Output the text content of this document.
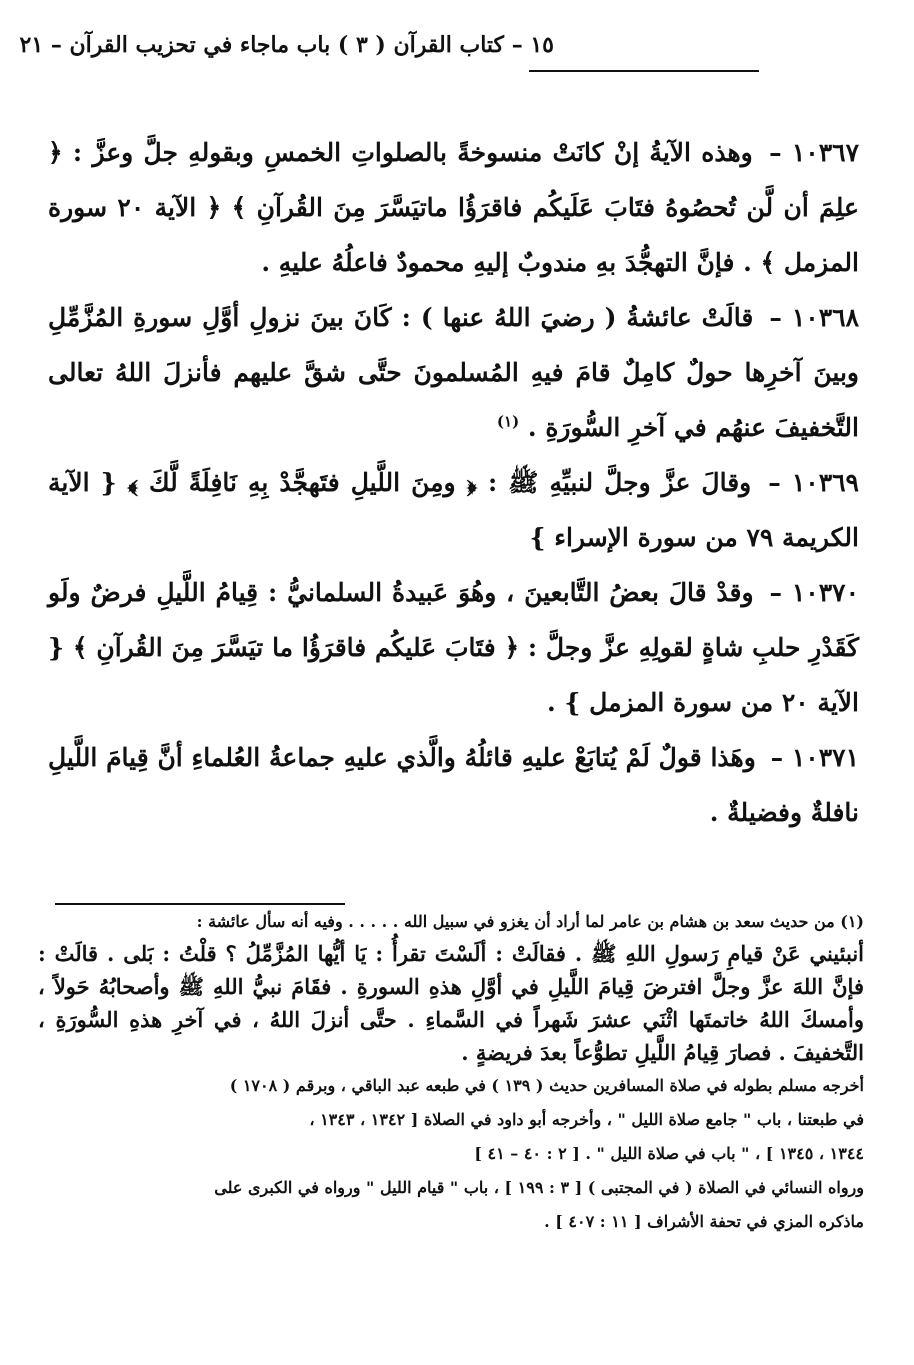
١٥ – كتاب القرآن ( ٣ ) باب ماجاء في تحزيب القرآن – ٢١

١٠٣٦٧ – وهذه الآيةُ إنْ كانَتْ منسوخةً بالصلواتِ الخمسِ وبقولهِ جلَّ وعزَّ : ﴿ علِمَ أن لَّن تُحصُوهُ فتَابَ عَلَيكُم فاقرَؤُا ماتيَسَّرَ مِنَ القُرآنِ ﴾ ﴿ الآية ٢٠ سورة المزمل ﴾ . فإنَّ التهجُّدَ بهِ مندوبٌ إليهِ محمودٌ فاعلُهُ عليهِ .

١٠٣٦٨ – قالَتْ عائشةُ ( رضيَ اللهُ عنها ) : كَانَ بينَ نزولِ أوَّلِ سورةِ المُزَّمِّلِ وبينَ آخرِها حولٌ كامِلٌ قامَ فيهِ المُسلمونَ حتَّى شقَّ عليهم فأنزلَ اللهُ تعالى التَّخفيفَ عنهُم في آخرِ السُّورَةِ . $^{(١)}$

١٠٣٦٩ – وقالَ عزَّ وجلَّ لنبيِّهِ ﷺ : ﴿ ومِنَ اللَّيلِ فتَهجَّدْ بِهِ نَافِلَةً لَّكَ ﴾ { الآية الكريمة ٧٩ من سورة الإسراء }

١٠٣٧٠ – وقدْ قالَ بعضُ التَّابعينَ ، وهُوَ عَبيدةُ السلمانيُّ : قِيامُ اللَّيلِ فرضٌ ولَو كَقَدْرِ حلبِ شاةٍ لقولِهِ عزَّ وجلَّ : ﴿ فتَابَ عَليكُم فاقرَؤُا ما تيَسَّرَ مِنَ القُرآنِ ﴾ { الآية ٢٠ من سورة المزمل } .

١٠٣٧١ – وهَذا قولٌ لَمْ يُتابَعْ عليهِ قائلُهُ والَّذي عليهِ جماعةُ العُلماءِ أنَّ قِيامَ اللَّيلِ نافلةٌ وفضيلةٌ .

(١) من حديث سعد بن هشام بن عامر لما أراد أن يغزو في سبيل الله . . . . . وفيه أنه سأل عائشة :

أنبئيني عَنْ قيامِ رَسولِ اللهِ ﷺ . فقالَتْ : ألَسْتَ تقرأُ : يَا أيُّها المُزَّمِّلُ ؟ قلْتُ : بَلى . قالَتْ : فإنَّ اللهَ عزَّ وجلَّ افترضَ قِيامَ اللَّيلِ في أوَّلِ هذهِ السورةِ . فقَامَ نبيُّ اللهِ ﷺ وأصحابُهُ حَولاً ، وأمسكَ اللهُ خاتمتَها اثْنَي عشرَ شَهراً في السَّماءِ . حتَّى أنزلَ اللهُ ، في آخرِ هذهِ السُّورَةِ ، التَّخفيفَ . فصارَ قِيامُ اللَّيلِ تطوُّعاً بعدَ فريضةٍ .

أخرجه مسلم بطوله في صلاة المسافرين حديث ( ١٣٩ ) في طبعه عبد الباقي ، وبرقم ( ١٧٠٨ )

في طبعتنا ، باب " جامع صلاة الليل " ، وأخرجه أبو داود في الصلاة [ ١٣٤٢ ، ١٣٤٣ ،

١٣٤٤ ، ١٣٤٥ ] ، " باب في صلاة الليل " . [ ٢ : ٤٠ – ٤١ ]

ورواه النسائي في الصلاة ( في المجتبى ) [ ٣ : ١٩٩ ] ، باب " قيام الليل " ورواه في الكبرى على

ماذكره المزي في تحفة الأشراف [ ١١ : ٤٠٧ ] .
